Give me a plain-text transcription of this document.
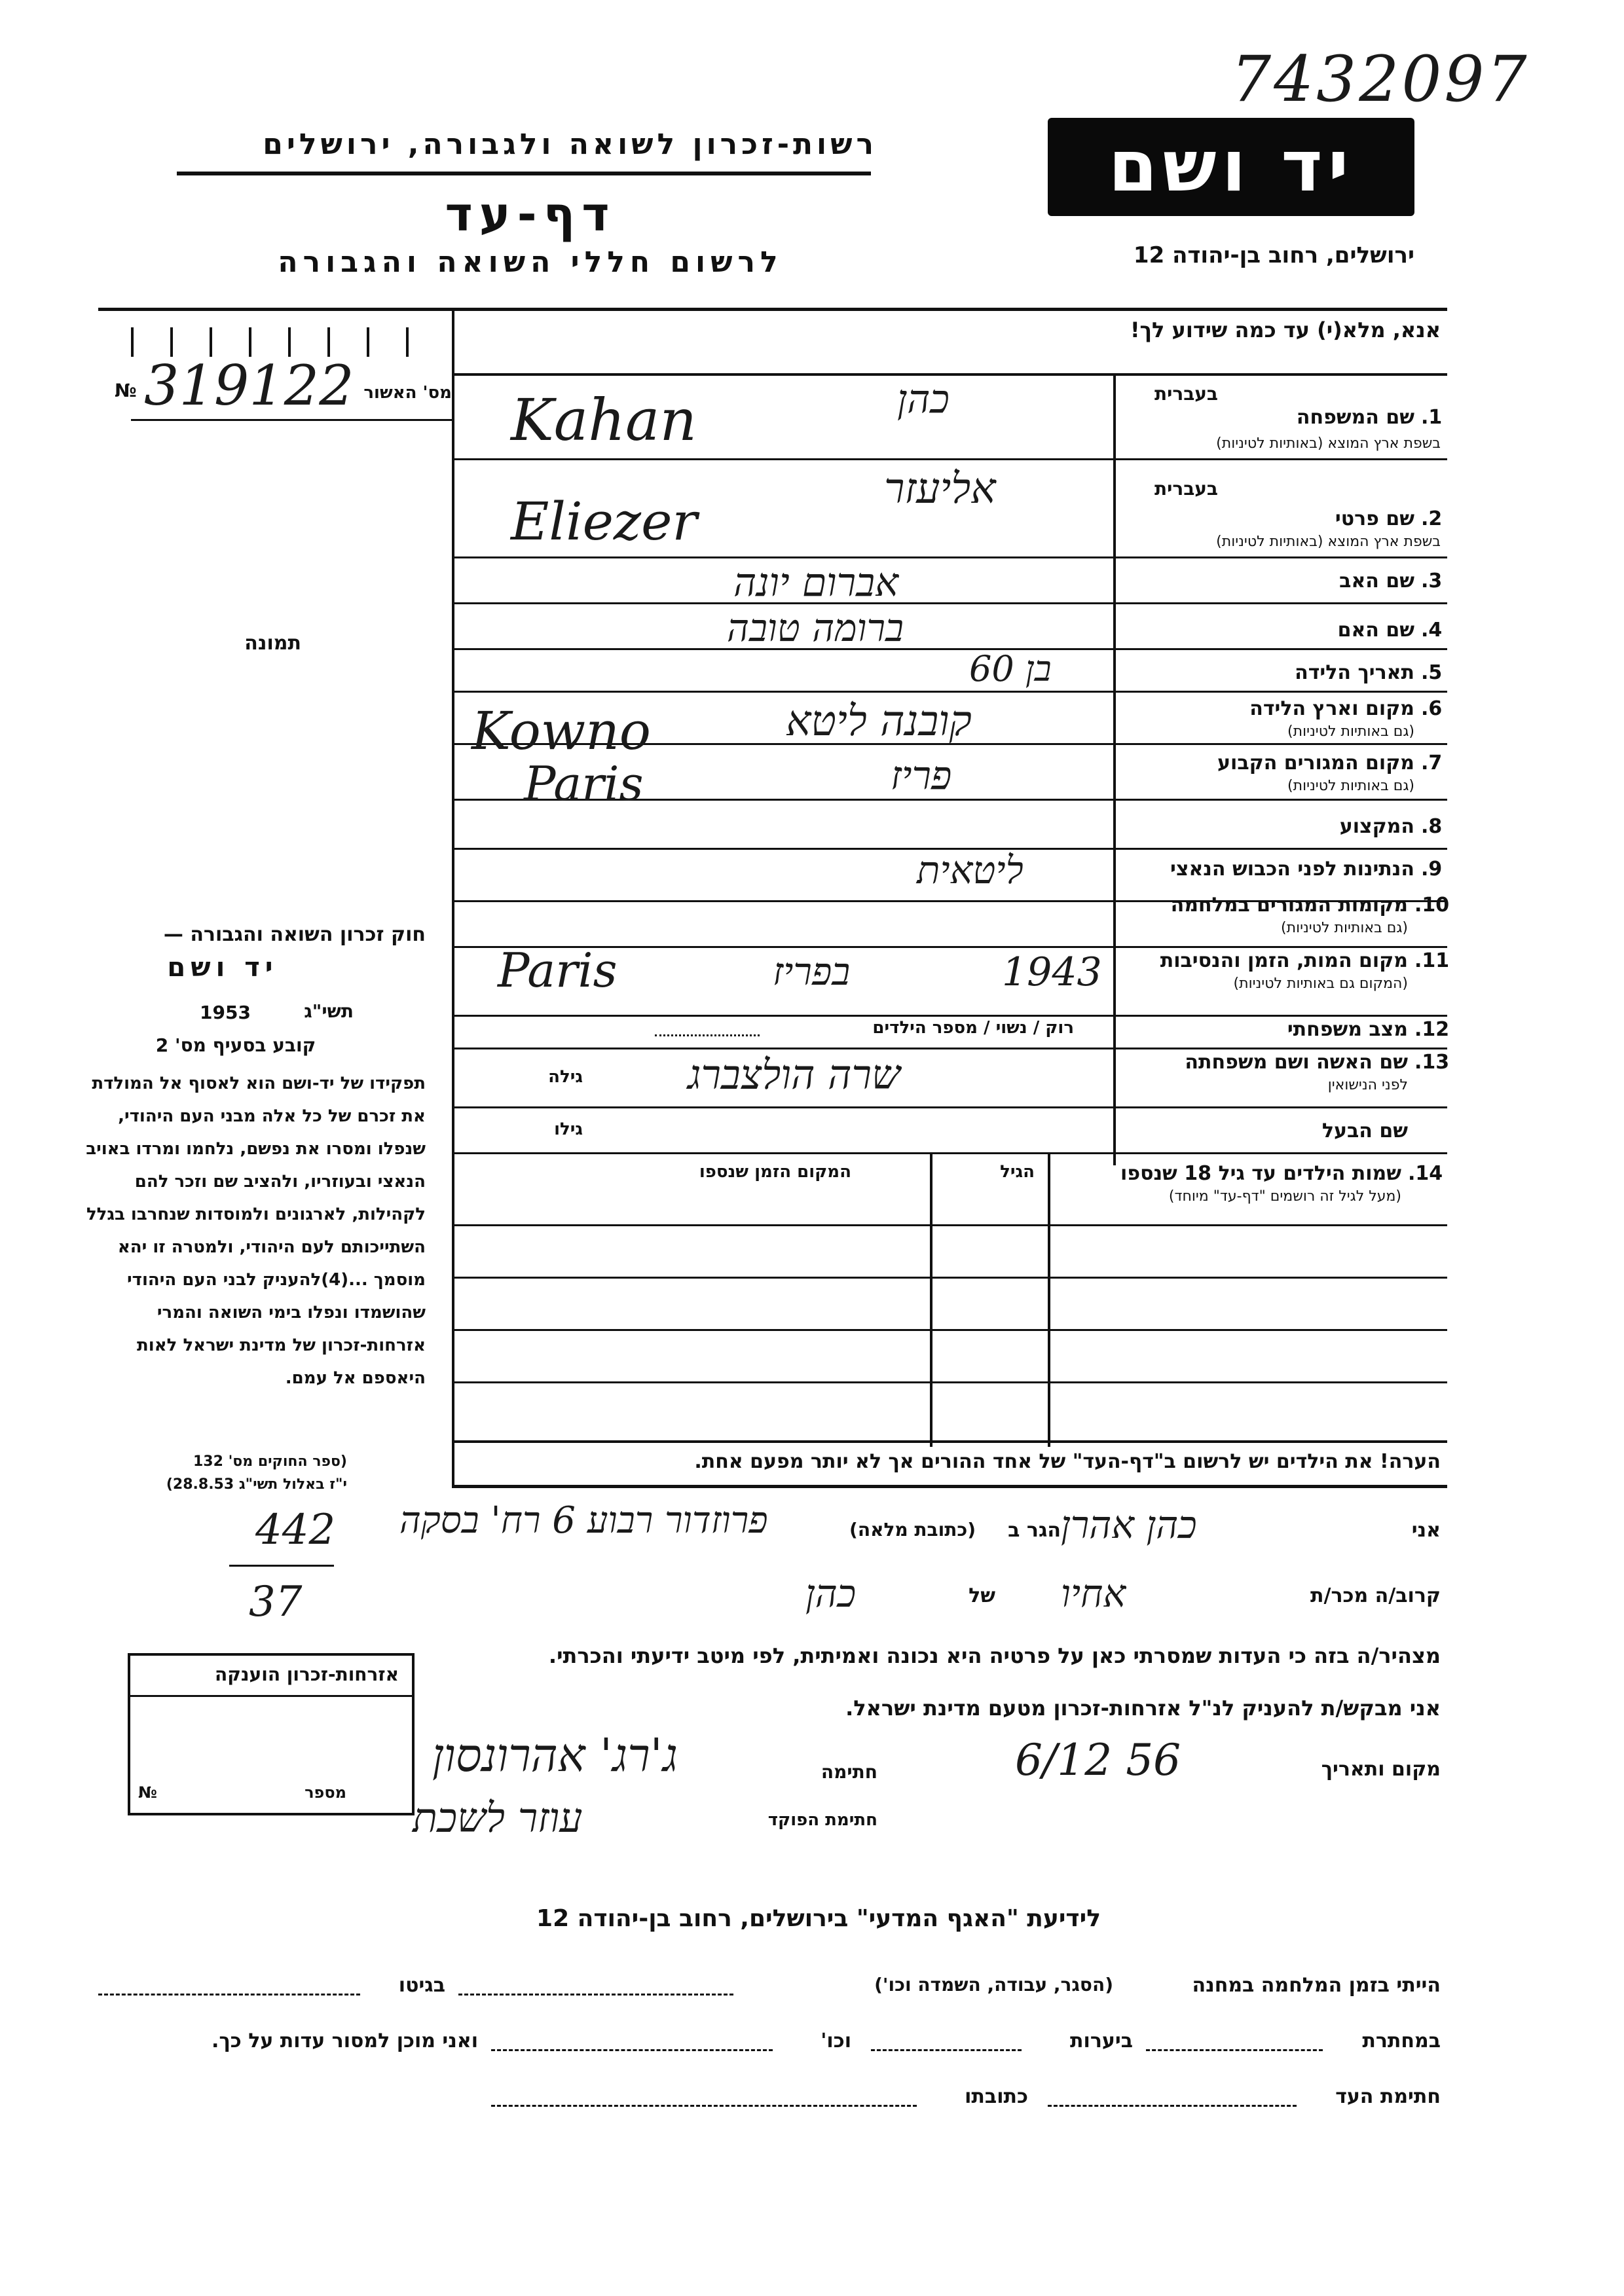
7432097
רשות-זכרון לשואה ולגבורה, ירושלים
דף-עד
לרשום חללי השואה והגבורה
יד ושם
ירושלים, רחוב בן-יהודה 12
אנא, מלא(י) עד כמה שידוע לך!
№ 319122 מס' האשור
תמונה
1.
שם המשפחה
בשפת ארץ המוצא (באותיות לטיניות)
בעברית
כהן
Kahan
2.
שם פרטי
בשפת ארץ המוצא (באותיות לטיניות)
בעברית
אליעזר
Eliezer
3.
שם האב
אברום יונה
4.
שם האם
ברומה טובה
5.
תאריך הלידה
בן 60
6.
מקום וארץ הלידה
(גם באותיות לטיניות)
קובנה ליטא
Kowno
7.
מקום המגורים הקבוע
(גם באותיות לטיניות)
פריז
Paris
8.
המקצוע
9.
הנתינות לפני הכבוש הנאצי
ליטאית
10.
מקומות המגורים במלחמה
(גם באותיות לטיניות)
11.
מקום המות, הזמן והנסיבות
(המקום גם באותיות לטיניות)
Paris	בפריז	1943
12.
מצב משפחתי
רוק / נשוי / מספר הילדים
13.
שם האשה ושם משפחתה
לפני הנישואין
גילה	שרה הולצברג
שם הבעל
גילו
14.
שמות הילדים עד גיל 18 שנספו
(מעל לגיל זה רושמים "דף-עד" מיוחד)
הגיל
המקום הזמן שנספו
הערה! את הילדים יש לרשום ב"דף-העד" של אחד ההורים אך לא יותר מפעם אחת.
חוק זכרון השואה והגבורה —
יד ושם
1953	תשי"ג
קובע בסעיף מס' 2
תפקידו של יד-ושם הוא לאסוף אל המולדת את זכרם של כל אלה מבני העם היהודי, שנפלו ומסרו את נפשם, נלחמו ומרדו באויב הנאצי ובעוזריו, ולהציב שם וזכר להם לקהילות, לארגונים ולמוסדות שנחרבו בגלל השתייכותם לעם היהודי, ולמטרה זו יהא מוסמך ...(4)להעניק לבני העם היהודי שהושמדו ונפלו בימי השואה והמרי אזרחות-זכרון של מדינת ישראל לאות היאספם אל עמם.
(ספר החוקים מס' 132
י"ז באלול תשי"ג 28.8.53)
442
37
אני
כהן אהרן
הגר ב
(כתובת מלאה)
פרוזדור רבוע 6 רח' בסקה
קרוב/ה מכר/ת
אחיו
של
כהן
מצהיר/ה בזה כי העדות שמסרתי כאן על פרטיה היא נכונה ואמיתית, לפי מיטב ידיעתי והכרתי.
אני מבקש/ת להעניק לנ"ל אזרחות-זכרון מטעם מדינת ישראל.
מקום ותאריך
6/12 56
חתימה
ג'רג' אהרונסון
חתימת הפוקד
עוזר לשכת
אזרחות-זכרון הוענקה
מספר
№
לידיעת "האגף המדעי" בירושלים, רחוב בן-יהודה 12
הייתי בזמן המלחמה במחנה
(הסגר, עבודה, השמדה וכו')
בגיטו
במחתרת
ביערות
וכו'
ואני מוכן למסור עדות על כך.
חתימת העד
כתובתו
